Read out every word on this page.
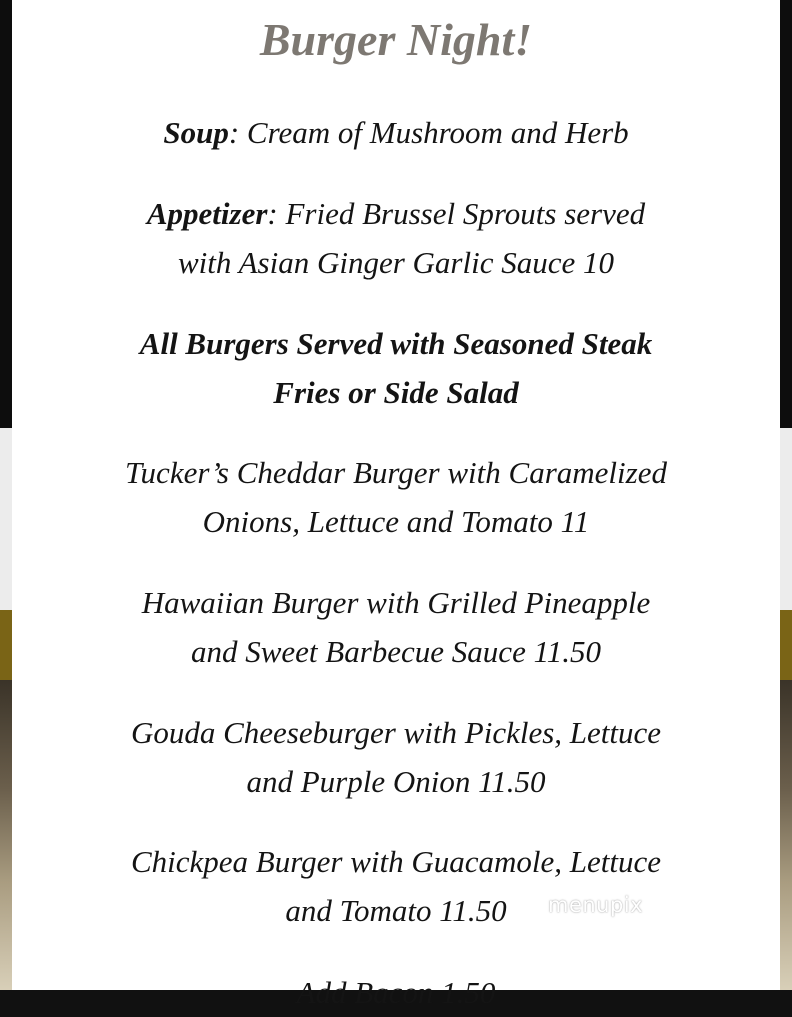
Burger Night!

Soup: Cream of Mushroom and Herb

Appetizer: Fried Brussel Sprouts served
with Asian Ginger Garlic Sauce 10

All Burgers Served with Seasoned Steak
Fries or Side Salad

Tucker’s Cheddar Burger with Caramelized
Onions, Lettuce and Tomato 11

Hawaiian Burger with Grilled Pineapple
and Sweet Barbecue Sauce 11.50

Gouda Cheeseburger with Pickles, Lettuce
and Purple Onion 11.50

Chickpea Burger with Guacamole, Lettuce
and Tomato 11.50

Add Bacon 1.50
menupix
